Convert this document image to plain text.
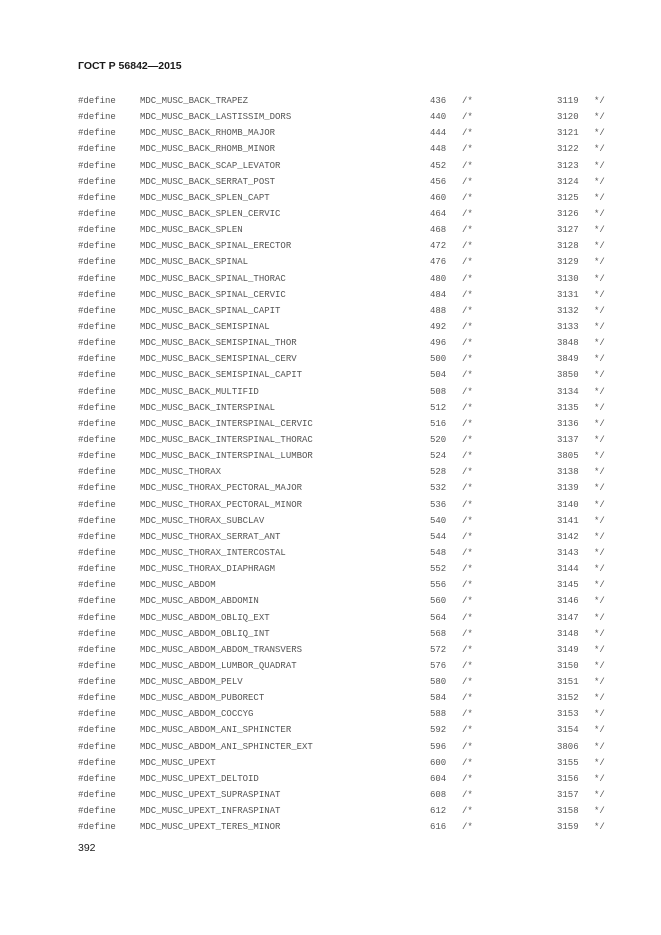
ГОСТ Р 56842—2015
#define	MDC_MUSC_BACK_TRAPEZ	436 /*	3119 */
#define	MDC_MUSC_BACK_LASTISSIM_DORS	440 /*	3120 */
#define	MDC_MUSC_BACK_RHOMB_MAJOR	444 /*	3121 */
#define	MDC_MUSC_BACK_RHOMB_MINOR	448 /*	3122 */
#define	MDC_MUSC_BACK_SCAP_LEVATOR	452 /*	3123 */
#define	MDC_MUSC_BACK_SERRAT_POST	456 /*	3124 */
#define	MDC_MUSC_BACK_SPLEN_CAPT	460 /*	3125 */
#define	MDC_MUSC_BACK_SPLEN_CERVIC	464 /*	3126 */
#define	MDC_MUSC_BACK_SPLEN	468 /*	3127 */
#define	MDC_MUSC_BACK_SPINAL_ERECTOR	472 /*	3128 */
#define	MDC_MUSC_BACK_SPINAL	476 /*	3129 */
#define	MDC_MUSC_BACK_SPINAL_THORAC	480 /*	3130 */
#define	MDC_MUSC_BACK_SPINAL_CERVIC	484 /*	3131 */
#define	MDC_MUSC_BACK_SPINAL_CAPIT	488 /*	3132 */
#define	MDC_MUSC_BACK_SEMISPINAL	492 /*	3133 */
#define	MDC_MUSC_BACK_SEMISPINAL_THOR	496 /*	3848 */
#define	MDC_MUSC_BACK_SEMISPINAL_CERV	500 /*	3849 */
#define	MDC_MUSC_BACK_SEMISPINAL_CAPIT	504 /*	3850 */
#define	MDC_MUSC_BACK_MULTIFID	508 /*	3134 */
#define	MDC_MUSC_BACK_INTERSPINAL	512 /*	3135 */
#define	MDC_MUSC_BACK_INTERSPINAL_CERVIC	516 /*	3136 */
#define	MDC_MUSC_BACK_INTERSPINAL_THORAC	520 /*	3137 */
#define	MDC_MUSC_BACK_INTERSPINAL_LUMBOR	524 /*	3805 */
#define	MDC_MUSC_THORAX	528 /*	3138 */
#define	MDC_MUSC_THORAX_PECTORAL_MAJOR	532 /*	3139 */
#define	MDC_MUSC_THORAX_PECTORAL_MINOR	536 /*	3140 */
#define	MDC_MUSC_THORAX_SUBCLAV	540 /*	3141 */
#define	MDC_MUSC_THORAX_SERRAT_ANT	544 /*	3142 */
#define	MDC_MUSC_THORAX_INTERCOSTAL	548 /*	3143 */
#define	MDC_MUSC_THORAX_DIAPHRAGM	552 /*	3144 */
#define	MDC_MUSC_ABDOM	556 /*	3145 */
#define	MDC_MUSC_ABDOM_ABDOMIN	560 /*	3146 */
#define	MDC_MUSC_ABDOM_OBLIQ_EXT	564 /*	3147 */
#define	MDC_MUSC_ABDOM_OBLIQ_INT	568 /*	3148 */
#define	MDC_MUSC_ABDOM_ABDOM_TRANSVERS	572 /*	3149 */
#define	MDC_MUSC_ABDOM_LUMBOR_QUADRAT	576 /*	3150 */
#define	MDC_MUSC_ABDOM_PELV	580 /*	3151 */
#define	MDC_MUSC_ABDOM_PUBORECT	584 /*	3152 */
#define	MDC_MUSC_ABDOM_COCCYG	588 /*	3153 */
#define	MDC_MUSC_ABDOM_ANI_SPHINCTER	592 /*	3154 */
#define	MDC_MUSC_ABDOM_ANI_SPHINCTER_EXT	596 /*	3806 */
#define	MDC_MUSC_UPEXT	600 /*	3155 */
#define	MDC_MUSC_UPEXT_DELTOID	604 /*	3156 */
#define	MDC_MUSC_UPEXT_SUPRASPINAT	608 /*	3157 */
#define	MDC_MUSC_UPEXT_INFRASPINAT	612 /*	3158 */
#define	MDC_MUSC_UPEXT_TERES_MINOR	616 /*	3159 */
392
